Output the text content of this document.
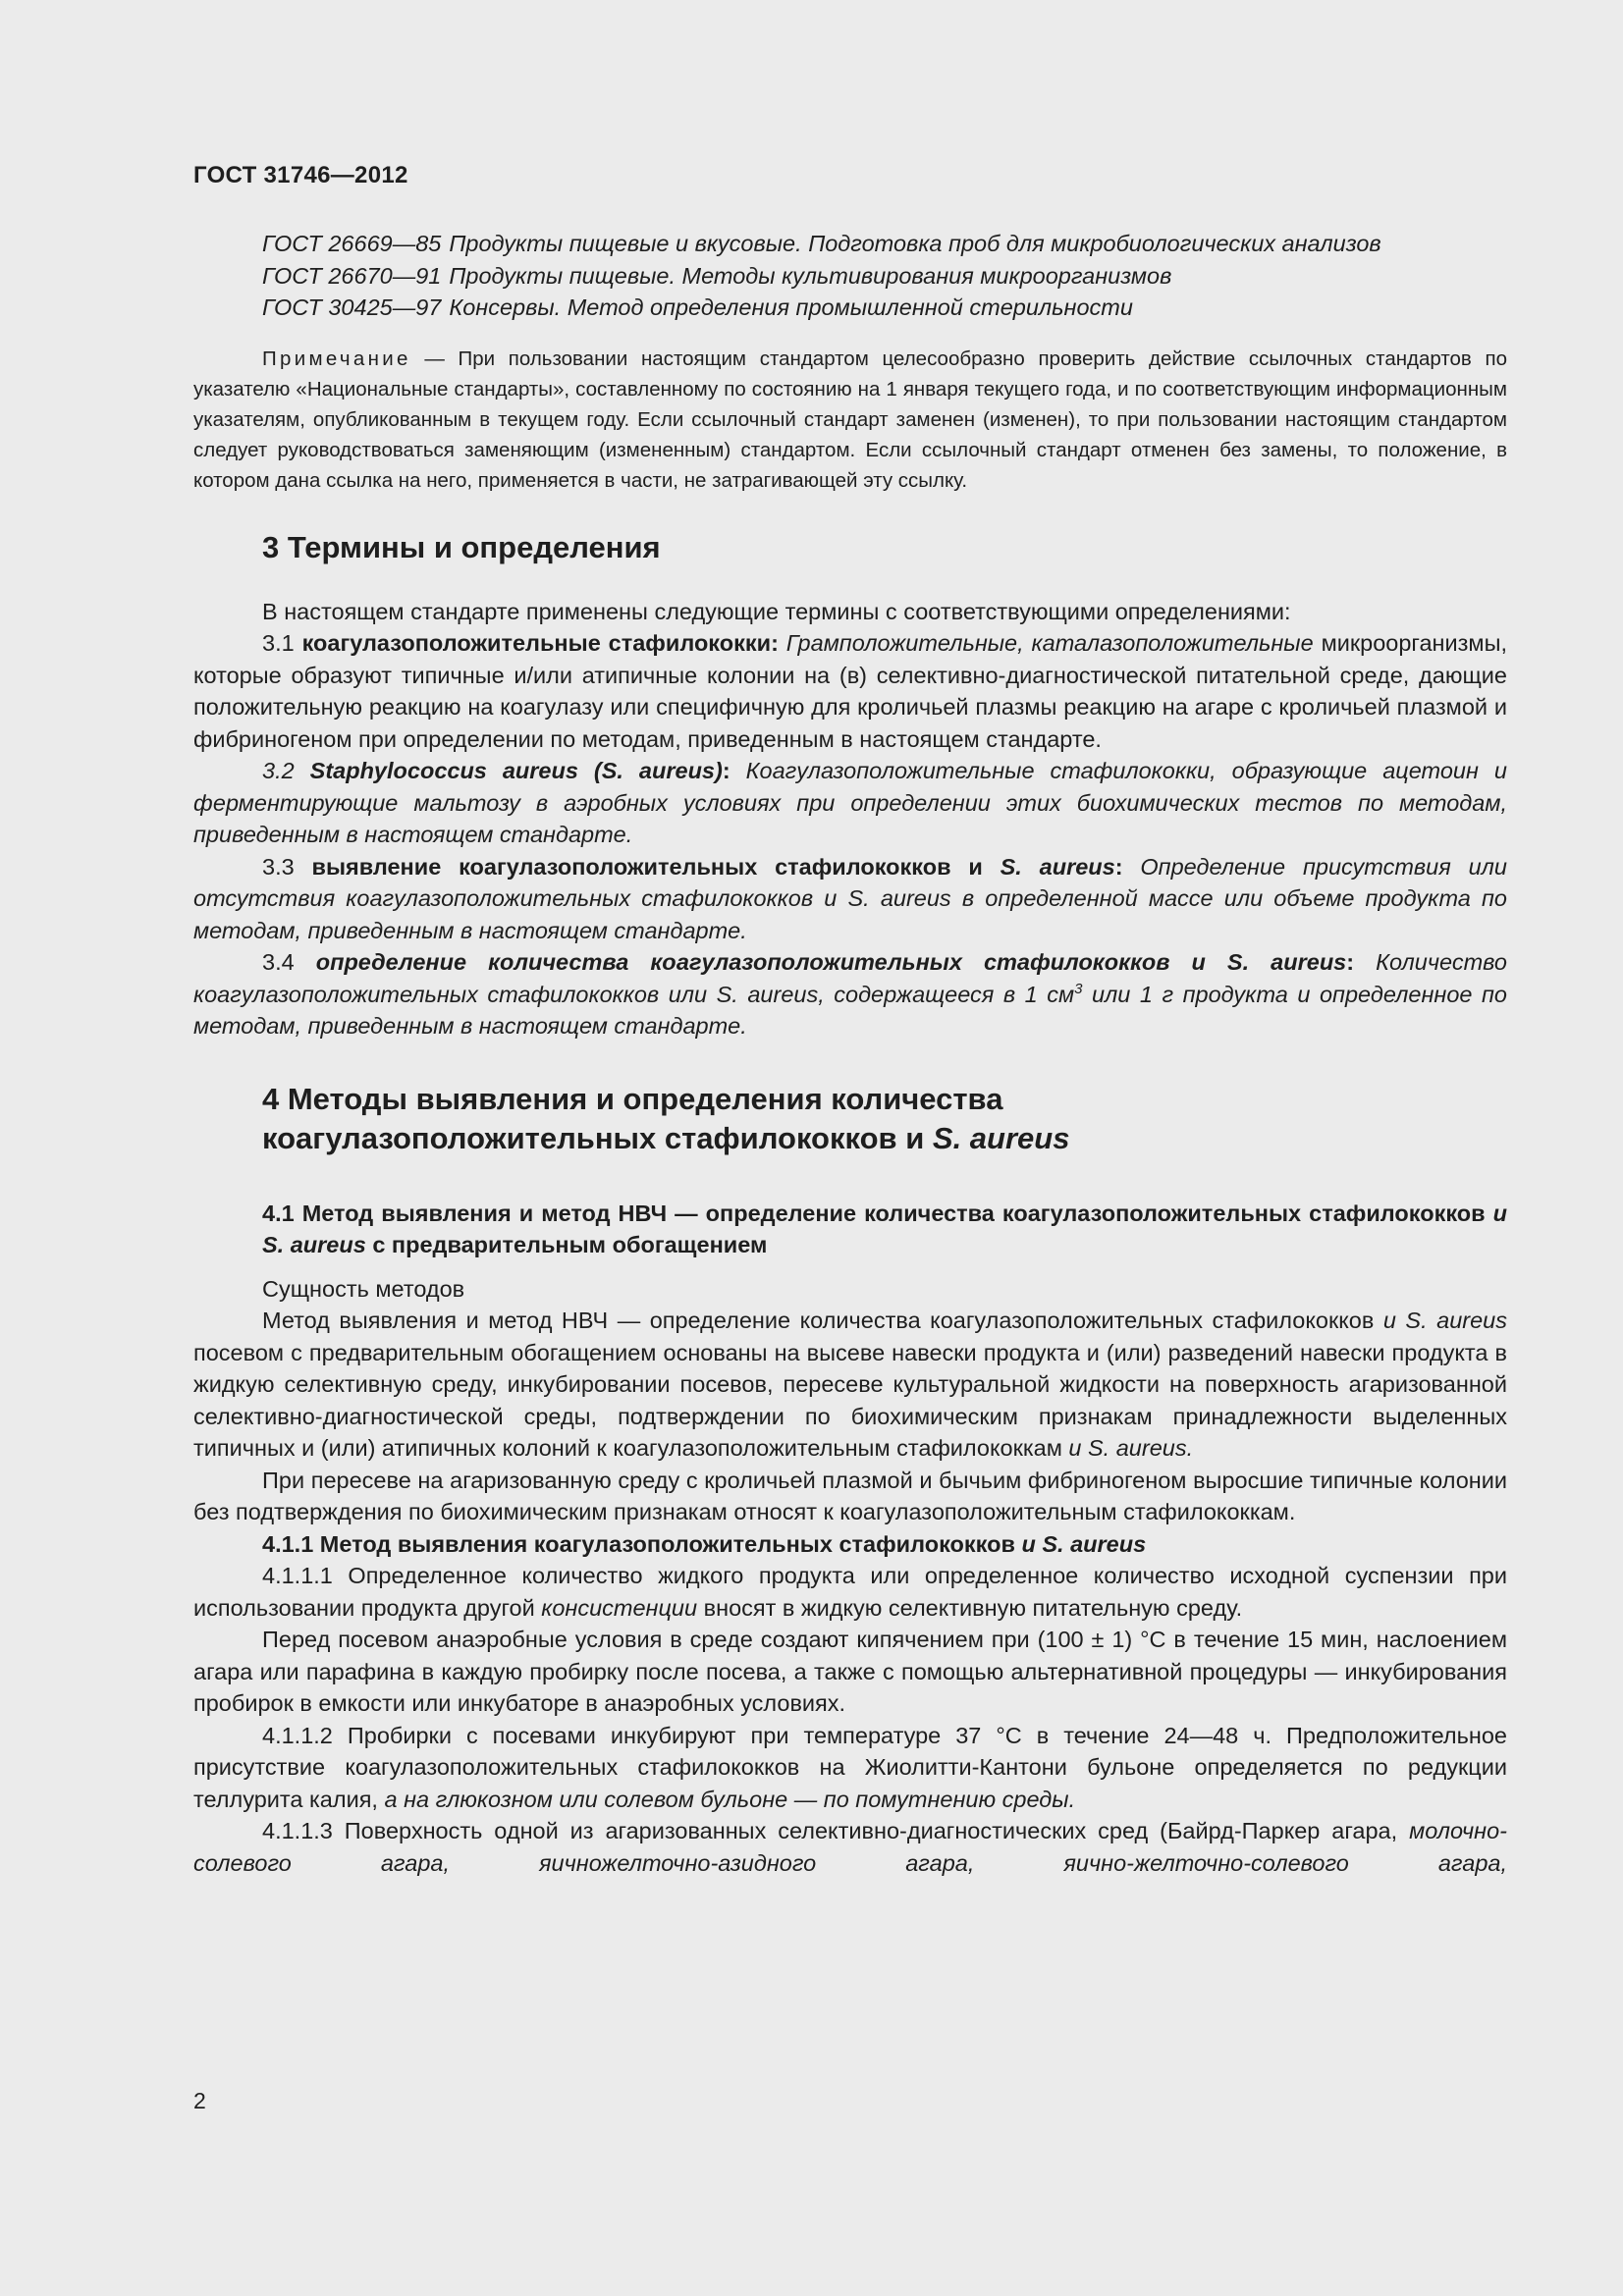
ГОСТ 31746—2012

ГОСТ 26669—85 Продукты пищевые и вкусовые. Подготовка проб для микробиологических анализов

ГОСТ 26670—91 Продукты пищевые. Методы культивирования микроорганизмов

ГОСТ 30425—97 Консервы. Метод определения промышленной стерильности

Примечание — При пользовании настоящим стандартом целесообразно проверить действие ссылочных стандартов по указателю «Национальные стандарты», составленному по состоянию на 1 января текущего года, и по соответствующим информационным указателям, опубликованным в текущем году. Если ссылочный стандарт заменен (изменен), то при пользовании настоящим стандартом следует руководствоваться заменяющим (измененным) стандартом. Если ссылочный стандарт отменен без замены, то положение, в котором дана ссылка на него, применяется в части, не затрагивающей эту ссылку.

3 Термины и определения

В настоящем стандарте применены следующие термины с соответствующими определениями:

3.1 коагулазоположительные стафилококки: Грамположительные, каталазоположительные микроорганизмы, которые образуют типичные и/или атипичные колонии на (в) селективно-диагностической питательной среде, дающие положительную реакцию на коагулазу или специфичную для кроличьей плазмы реакцию на агаре с кроличьей плазмой и фибриногеном при определении по методам, приведенным в настоящем стандарте.

3.2 Staphylococcus aureus (S. aureus): Коагулазоположительные стафилококки, образующие ацетоин и ферментирующие мальтозу в аэробных условиях при определении этих биохимических тестов по методам, приведенным в настоящем стандарте.

3.3 выявление коагулазоположительных стафилококков и S. aureus: Определение присутствия или отсутствия коагулазоположительных стафилококков и S. aureus в определенной массе или объеме продукта по методам, приведенным в настоящем стандарте.

3.4 определение количества коагулазоположительных стафилококков и S. aureus: Количество коагулазоположительных стафилококков или S. aureus, содержащееся в 1 $см^3$ или 1 г продукта и определенное по методам, приведенным в настоящем стандарте.

4 Методы выявления и определения количества
коагулазоположительных стафилококков и S. aureus
4.1 Метод выявления и метод НВЧ — определение количества коагулазоположительных стафилококков и S. aureus с предварительным обогащением

Сущность методов

Метод выявления и метод НВЧ — определение количества коагулазоположительных стафилококков и S. aureus посевом с предварительным обогащением основаны на высеве навески продукта и (или) разведений навески продукта в жидкую селективную среду, инкубировании посевов, пересеве культуральной жидкости на поверхность агаризованной селективно-диагностической среды, подтверждении по биохимическим признакам принадлежности выделенных типичных и (или) атипичных колоний к коагулазоположительным стафилококкам и S. aureus.

При пересеве на агаризованную среду с кроличьей плазмой и бычьим фибриногеном выросшие типичные колонии без подтверждения по биохимическим признакам относят к коагулазоположительным стафилококкам.

4.1.1 Метод выявления коагулазоположительных стафилококков и S. aureus

4.1.1.1 Определенное количество жидкого продукта или определенное количество исходной суспензии при использовании продукта другой консистенции вносят в жидкую селективную питательную среду.

Перед посевом анаэробные условия в среде создают кипячением при (100 ± 1) °С в течение 15 мин, наслоением агара или парафина в каждую пробирку после посева, а также с помощью альтернативной процедуры — инкубирования пробирок в емкости или инкубаторе в анаэробных условиях.

4.1.1.2 Пробирки с посевами инкубируют при температуре 37 °С в течение 24—48 ч. Предположительное присутствие коагулазоположительных стафилококков на Жиолитти-Кантони бульоне определяется по редукции теллурита калия, а на глюкозном или солевом бульоне — по помутнению среды.

4.1.1.3 Поверхность одной из агаризованных селективно-диагностических сред (Байрд-Паркер агара, молочно-солевого агара, яичножелточно-азидного агара, яично-желточно-солевого агара,

2
